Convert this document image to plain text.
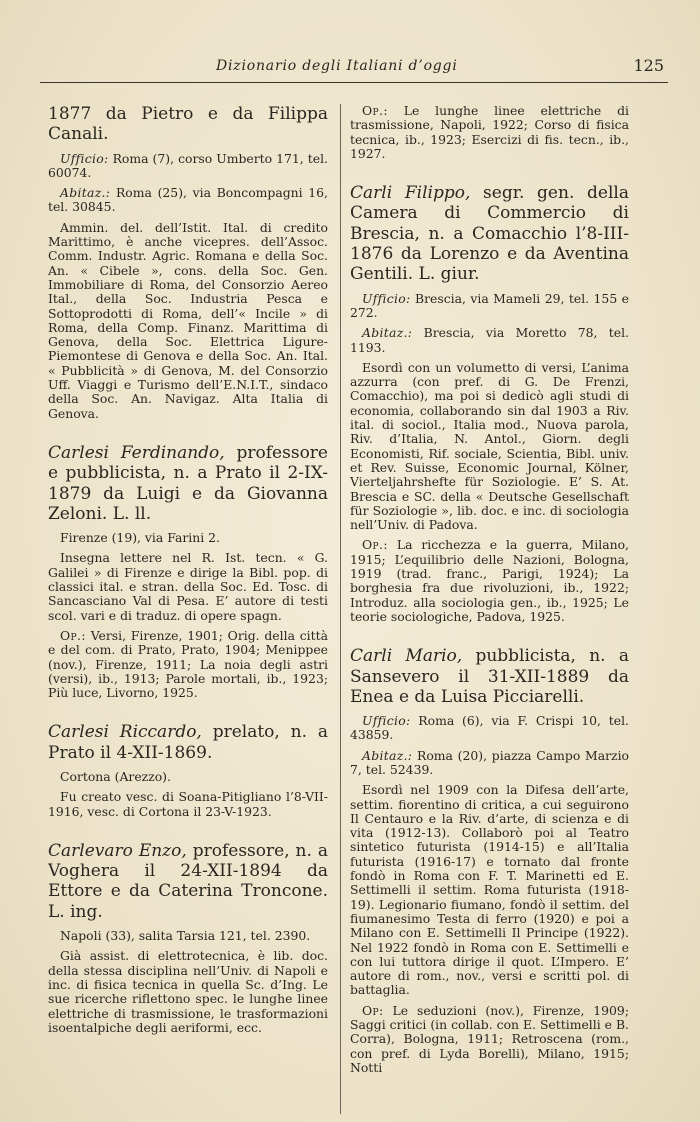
Dizionario degli Italiani d’oggi	125
1877 da Pietro e da Filippa Canali.

Ufficio: Roma (7), corso Umberto 171, tel. 60074.

Abitaz.: Roma (25), via Boncompagni 16, tel. 30845.

Ammin. del. dell’Istit. Ital. di credito Marittimo, è anche vicepres. dell’Assoc. Comm. Industr. Agric. Romana e della Soc. An. « Cibele », cons. della Soc. Gen. Immobiliare di Roma, del Consorzio Aereo Ital., della Soc. Industria Pesca e Sottoprodotti di Roma, dell’« Incile » di Roma, della Comp. Finanz. Marittima di Genova, della Soc. Elettrica Ligure-Piemontese di Genova e della Soc. An. Ital. « Pubblicità » di Genova, M. del Consorzio Uff. Viaggi e Turismo dell’E.N.I.T., sindaco della Soc. An. Navigaz. Alta Italia di Genova.

Carlesi Ferdinando, professore e pubblicista, n. a Prato il 2-IX-1879 da Luigi e da Giovanna Zeloni. L. ll.

Firenze (19), via Farini 2.

Insegna lettere nel R. Ist. tecn. « G. Galilei » di Firenze e dirige la Bibl. pop. di classici ital. e stran. della Soc. Ed. Tosc. di Sancasciano Val di Pesa. E’ autore di testi scol. vari e di traduz. di opere spagn.

Op.: Versi, Firenze, 1901; Orig. della città e del com. di Prato, Prato, 1904; Menippee (nov.), Firenze, 1911; La noia degli astri (versi), ib., 1913; Parole mortali, ib., 1923; Più luce, Livorno, 1925.

Carlesi Riccardo, prelato, n. a Prato il 4-XII-1869.

Cortona (Arezzo).

Fu creato vesc. di Soana-Pitigliano l’8-VII-1916, vesc. di Cortona il 23-V-1923.

Carlevaro Enzo, professore, n. a Voghera il 24-XII-1894 da Ettore e da Caterina Tronconе. L. ing.

Napoli (33), salita Tarsia 121, tel. 2390.

Già assist. di elettrotecnica, è lib. doc. della stessa disciplina nell’Univ. di Napoli e inc. di fisica tecnica in quella Sc. d’Ing. Le sue ricerche riflettono spec. le lunghe linee elettriche di trasmissione, le trasformazioni isoentalpiche degli aeriformi, ecc.

Op.: Le lunghe linee elettriche di trasmissione, Napoli, 1922; Corso di fisica tecnica, ib., 1923; Esercizi di fis. tecn., ib., 1927.

Carli Filippo, segr. gen. della Camera di Commercio di Brescia, n. a Comacchio l’8-III-1876 da Lorenzo e da Aventina Gentili. L. giur.

Ufficio: Brescia, via Mameli 29, tel. 155 e 272.

Abitaz.: Brescia, via Moretto 78, tel. 1193.

Esordì con un volumetto di versi, L’anima azzurra (con pref. di G. De Frenzi, Comacchio), ma poi si dedicò agli studi di economia, collaborando sin dal 1903 a Riv. ital. di sociol., Italia mod., Nuova parola, Riv. d’Italia, N. Antol., Giorn. degli Economisti, Rif. sociale, Scientia, Bibl. univ. et Rev. Suisse, Economic Journal, Kölner, Vierteljahrshefte für Soziologie. E’ S. At. Brescia e SC. della « Deutsche Gesellschaft für Soziologie », lib. doc. e inc. di sociologia nell’Univ. di Padova.

Op.: La ricchezza e la guerra, Milano, 1915; L’equilibrio delle Nazioni, Bologna, 1919 (trad. franc., Parigi, 1924); La borghesia fra due rivoluzioni, ib., 1922; Introduz. alla sociologia gen., ib., 1925; Le teorie sociologiche, Padova, 1925.

Carli Mario, pubblicista, n. a Sansevero il 31-XII-1889 da Enea e da Luisa Picciarelli.

Ufficio: Roma (6), via F. Crispi 10, tel. 43859.

Abitaz.: Roma (20), piazza Campo Marzio 7, tel. 52439.

Esordì nel 1909 con la Difesa dell’arte, settim. fiorentino di critica, a cui seguirono Il Centauro e la Riv. d’arte, di scienza e di vita (1912-13). Collaborò poi al Teatro sintetico futurista (1914-15) e all’Italia futurista (1916-17) e tornato dal fronte fondò in Roma con F. T. Marinetti ed E. Settimelli il settim. Roma futurista (1918-19). Legionario fiumano, fondò il settim. del fiumanesimo Testa di ferro (1920) e poi a Milano con E. Settimelli Il Principe (1922). Nel 1922 fondò in Roma con E. Settimelli e con lui tuttora dirige il quot. L’Impero. E’ autore di rom., nov., versi e scritti pol. di battaglia.

Op: Le seduzioni (nov.), Firenze, 1909; Saggi critici (in collab. con E. Settimelli e B. Corra), Bologna, 1911; Retroscena (rom., con pref. di Lyda Borelli), Milano, 1915; Notti
